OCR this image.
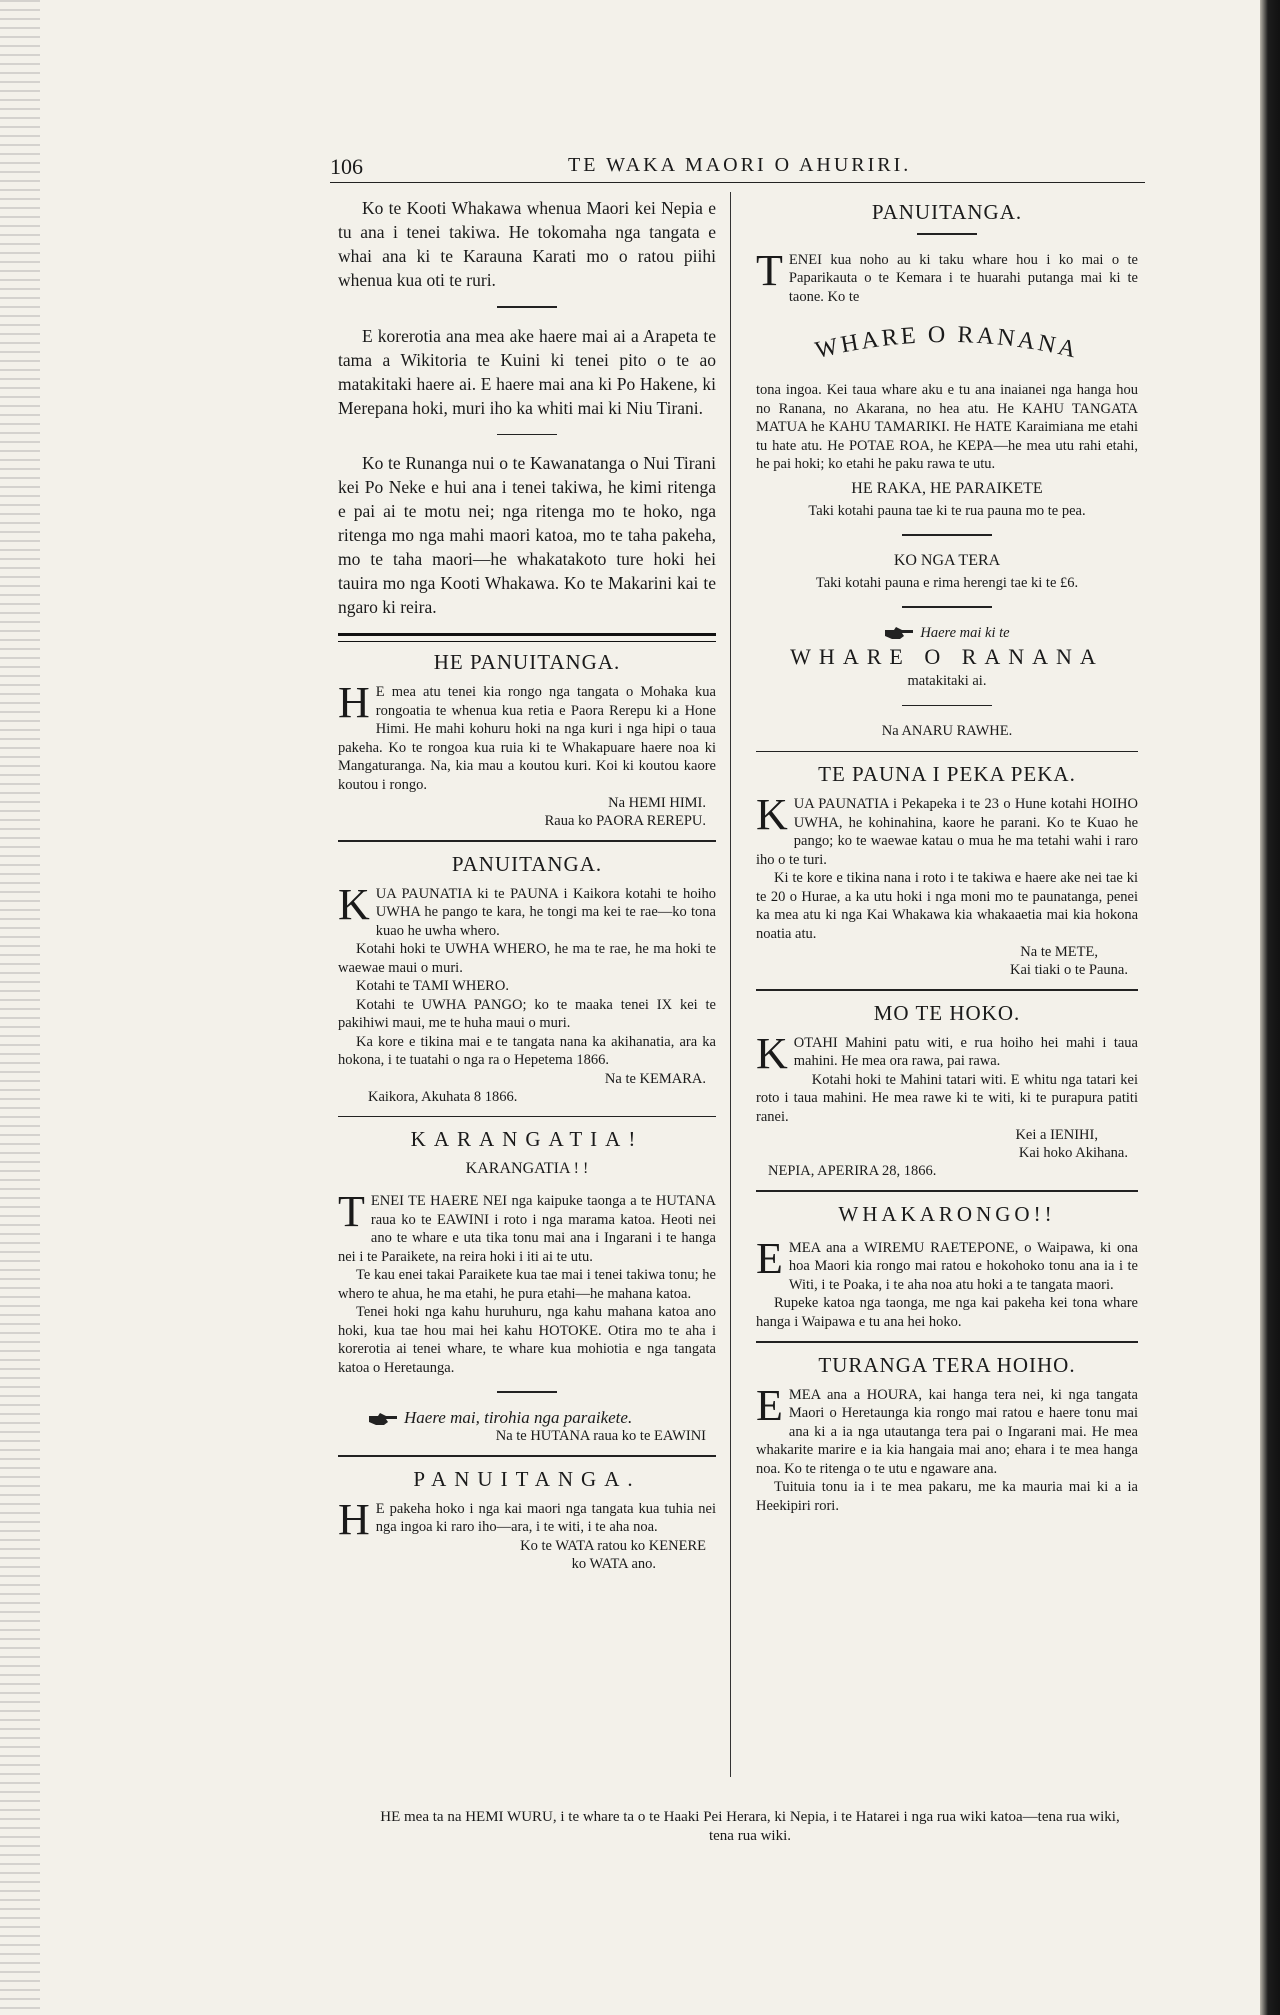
106	TE WAKA MAORI O AHURIRI.

Ko te Kooti Whakawa whenua Maori kei Nepia e tu ana i tenei takiwa. He tokomaha nga tangata e whai ana ki te Karauna Karati mo o ratou piihi whenua kua oti te ruri.

E korerotia ana mea ake haere mai ai a Arapeta te tama a Wikitoria te Kuini ki tenei pito o te ao matakitaki haere ai. E haere mai ana ki Po Hakene, ki Merepana hoki, muri iho ka whiti mai ki Niu Tirani.

Ko te Runanga nui o te Kawanatanga o Nui Tirani kei Po Neke e hui ana i tenei takiwa, he kimi ritenga e pai ai te motu nei; nga ritenga mo te hoko, nga ritenga mo nga mahi maori katoa, mo te taha pakeha, mo te taha maori—he whakatakoto ture hoki hei tauira mo nga Kooti Whakawa. Ko te Makarini kai te ngaro ki reira.

HE PANUITANGA.

H E mea atu tenei kia rongo nga tangata o Mohaka kua rongoatia te whenua kua retia e Paora Rerepu ki a Hone Himi. He mahi kohuru hoki na nga kuri i nga hipi o taua pakeha. Ko te rongoa kua ruia ki te Whakapuare haere noa ki Mangaturanga. Na, kia mau a koutou kuri. Koi ki koutou kaore koutou i rongo.

Na HEMI HIMI.
Raua ko PAORA REREPU.
PANUITANGA.

KUA PAUNATIA ki te PAUNA i Kaikora kotahi te hoiho UWHA he pango te kara, he tongi ma kei te rae—ko tona kuao he uwha whero.

Kotahi hoki te UWHA WHERO, he ma te rae, he ma hoki te waewae maui o muri.

Kotahi te TAMI WHERO.

Kotahi te UWHA PANGO; ko te maaka tenei IX kei te pakihiwi maui, me te huha maui o muri.

Ka kore e tikina mai e te tangata nana ka akihanatia, ara ka hokona, i te tuatahi o nga ra o Hepetema 1866.

Na te KEMARA.
Kaikora, Akuhata 8 1866.
KARANGATIA!
KARANGATIA ! !

TENEI TE HAERE NEI nga kaipuke taonga a te HUTANA raua ko te EAWINI i roto i nga marama katoa. Heoti nei ano te whare e uta tika tonu mai ana i Ingarani i te hanga nei i te Paraikete, na reira hoki i iti ai te utu.

Te kau enei takai Paraikete kua tae mai i tenei takiwa tonu; he whero te ahua, he ma etahi, he pura etahi—he mahana katoa.

Tenei hoki nga kahu huruhuru, nga kahu mahana katoa ano hoki, kua tae hou mai hei kahu HOTOKE. Otira mo te aha i korerotia ai tenei whare, te whare kua mohiotia e nga tangata katoa o Heretaunga.

Haere mai, tirohia nga paraikete.

Na te HUTANA raua ko te EAWINI
PANUITANGA.

H E pakeha hoko i nga kai maori nga tangata kua tuhia nei nga ingoa ki raro iho—ara, i te witi, i te aha noa.

Ko te WATA ratou ko KENERE
ko WATA ano.
PANUITANGA.

TENEI kua noho au ki taku whare hou i ko mai o te Paparikauta o te Kemara i te huarahi putanga mai ki te taone. Ko te

WHARE O RANANA

tona ingoa. Kei taua whare aku e tu ana inaianei nga hanga hou no Ranana, no Akarana, no hea atu. He KAHU TANGATA MATUA he KAHU TAMARIKI. He HATE Karaimiana me etahi tu hate atu. He POTAE ROA, he KEPA—he mea utu rahi etahi, he pai hoki; ko etahi he paku rawa te utu.

HE RAKA, HE PARAIKETE

Taki kotahi pauna tae ki te rua pauna mo te pea.

KO NGA TERA

Taki kotahi pauna e rima herengi tae ki te £6.

Haere mai ki te

WHARE O RANANA

matakitaki ai.

Na ANARU RAWHE.

TE PAUNA I PEKA PEKA.

KUA PAUNATIA i Pekapeka i te 23 o Hune kotahi HOIHO UWHA, he kohinahina, kaore he parani. Ko te Kuao he pango; ko te waewae katau o mua he ma tetahi wahi i raro iho o te turi.

Ki te kore e tikina nana i roto i te takiwa e haere ake nei tae ki te 20 o Hurae, a ka utu hoki i nga moni mo te paunatanga, penei ka mea atu ki nga Kai Whakawa kia whakaaetia mai kia hokona noatia atu.

Na te METE,
Kai tiaki o te Pauna.
MO TE HOKO.

KOTAHI Mahini patu witi, e rua hoiho hei mahi i taua mahini. He mea ora rawa, pai rawa.

Kotahi hoki te Mahini tatari witi. E whitu nga tatari kei roto i taua mahini. He mea rawe ki te witi, ki te purapura patiti ranei.

Kei a IENIHI,
Kai hoko Akihana.
NEPIA, APERIRA 28, 1866.
WHAKARONGO!!

EMEA ana a WIREMU RAETEPONE, o Waipawa, ki ona hoa Maori kia rongo mai ratou e hokohoko tonu ana ia i te Witi, i te Poaka, i te aha noa atu hoki a te tangata maori.

Rupeke katoa nga taonga, me nga kai pakeha kei tona whare hanga i Waipawa e tu ana hei hoko.

TURANGA TERA HOIHO.

EMEA ana a HOURA, kai hanga tera nei, ki nga tangata Maori o Heretaunga kia rongo mai ratou e haere tonu mai ana ki a ia nga utautanga tera pai o Ingarani mai. He mea whakarite marire e ia kia hangaia mai ano; ehara i te mea hanga noa. Ko te ritenga o te utu e ngaware ana.

Tuituia tonu ia i te mea pakaru, me ka mauria mai ki a ia Heekipiri rori.

HE mea ta na HEMI WURU, i te whare ta o te Haaki Pei Herara, ki Nepia, i te Hatarei i nga rua wiki katoa—tena rua wiki, tena rua wiki.
